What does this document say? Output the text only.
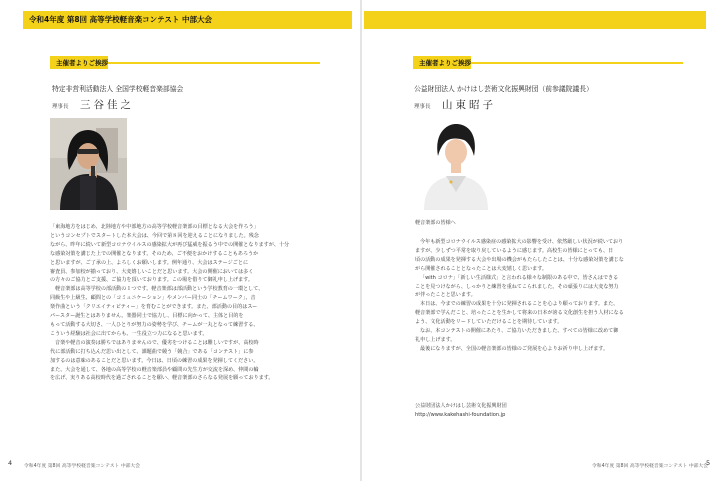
令和4年度 第8回 高等学校軽音楽コンテスト 中部大会
主催者よりご挨拶
特定非営利活動法人 全国学校軽音楽部協会
理事長 三谷佳之

「東海地方をはじめ、北陸地方や中部地方の高等学校軽音楽部の目標となる大会を作ろう」

というコンセプトでスタートした本大会は、今回で第８回を迎えることになりました。残念

ながら、昨年に続いて新型コロナウイルスの感染拡大が再び猛威を振るう中での開催となりますが、十分

な感染対策を講じた上での開催となります。そのため、ご不便をおかけすることもあろうか

と思いますが、ご了承の上、よろしくお願いします。例年通り、大会はステージごとに

審査員、参加校が揃っており、大変嬉しいことだと思います。大会の開催においては多く

の方々のご協力とご支援、ご協力を頂いております。この場を借りて御礼申し上げます。

軽音楽部は高等学校の部活動の１つです。軽音楽部は部活動という学校教育の一環として、

同級生や上級生、顧問との「コミュニケーション」やメンバー同士の「チームワーク」、音

楽作曲という「クリエイティビティー」を育むことができます。また、部活動の目的はスー

パースター誕生とはありません。楽器同士で協力し、目標に向かって、主体と目的を

もって活動する大切さ、一人ひとりが努力の姿勢を学び、チームが一丸となって練習する、

こういう経験は社会に出てからも、一生役立つ力になると思います。

音楽や軽音の演奏は勝ちではありませんので、優劣をつけることは難しいですが、高校時

代に部活動に打ち込んだ思い出として、課題曲で競う「競合」である「コンテスト」に参

加するのは意味のあることだと思います。今日は、日頃の練習の成果を発揮してください。

また、大会を通して、各地の高等学校の軽音楽部員や顧問の先生方が交流を深め、仲間の輪

を広げ、実りある高校時代を過ごされることを願い、軽音楽部のさらなる発展を願っております。

4 令和4年度 第8回 高等学校軽音楽コンテスト 中部大会
主催者よりご挨拶
公益財団法人 かけはし芸術文化振興財団（前参議院議長）
理事長 山東昭子

軽音楽部の皆様へ

今年も新型コロナウイルス感染症の感染拡大の影響を受け、依然厳しい状況が続いており

ますが、少しずつ平常を取り戻しているように感じます。高校生の皆様にとっても、日

頃の活動の成果を発揮する大会や出場の機会がもたらしたことは、十分な感染対策を講じな

がら開催されることとなったことは大変嬉しく思います。

「with コロナ」「新しい生活様式」と言われる様々な制限のある中で、皆さんはできる

ことを見つけながら、しっかりと練習を重ねてこられました。その頑張りには大変な努力

が伴ったことと思います。

本日は、今までの練習の成果を十分に発揮されることを心より願っております。また、

軽音楽部で学んだこと、培ったことを生かして将来の日本が誇る文化創生を担う人材になる

よう、文化活動をリードしていただけることを期待しています。

なお、本コンテストの開催にあたり、ご協力いただきました、すべての皆様に改めて御

礼申し上げます。

最後になりますが、全国の軽音楽部の皆様のご発展を心よりお祈り申し上げます。

公益財団法人かけはし芸術文化振興財団

http://www.kakehashi-foundation.jp

令和4年度 第8回 高等学校軽音楽コンテスト 中部大会
5
